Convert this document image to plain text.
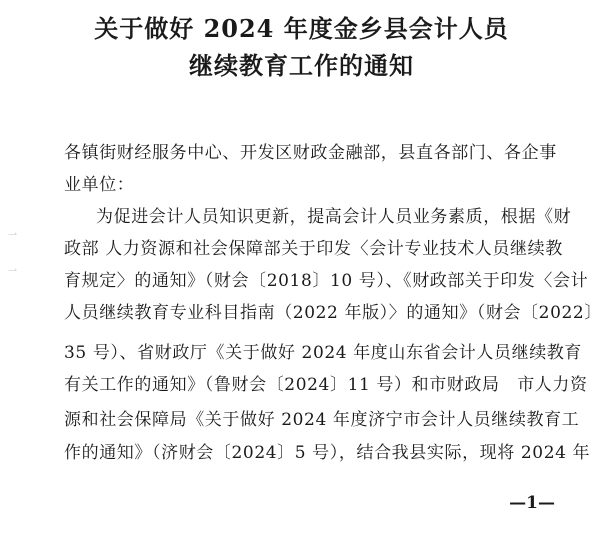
关于做好 2024 年度金乡县会计人员
继续教育工作的通知
各镇街财经服务中心、开发区财政金融部，县直各部门、各企事
业单位：
为促进会计人员知识更新，提高会计人员业务素质，根据《财
政部 人力资源和社会保障部关于印发〈会计专业技术人员继续教
育规定〉的通知》（财会〔2018〕10 号）、《财政部关于印发〈会计
人员继续教育专业科目指南（2022 年版）〉的通知》（财会〔2022〕
35 号）、省财政厅《关于做好 2024 年度山东省会计人员继续教育
有关工作的通知》（鲁财会〔2024〕11 号）和市财政局　市人力资
源和社会保障局《关于做好 2024 年度济宁市会计人员继续教育工
作的通知》（济财会〔2024〕5 号），结合我县实际，现将 2024 年
一
一
—1—
